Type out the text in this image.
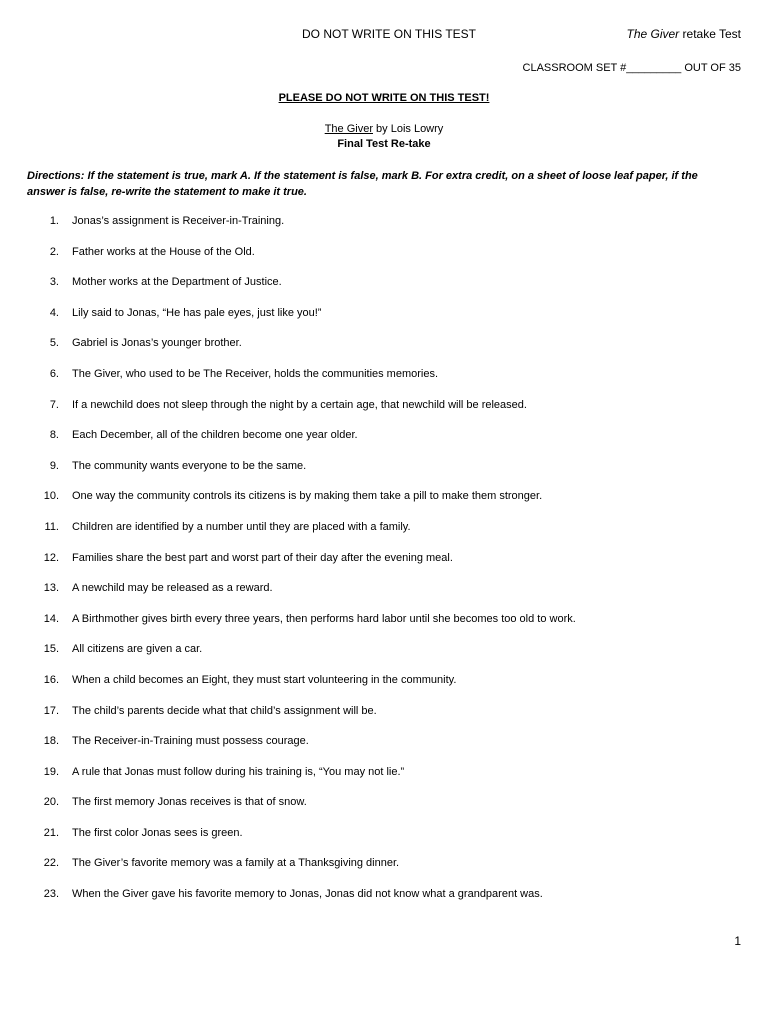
DO NOT WRITE ON THIS TEST	The Giver retake Test
CLASSROOM SET #_________ OUT OF 35
PLEASE DO NOT WRITE ON THIS TEST!
The Giver by Lois Lowry
Final Test Re-take
Directions: If the statement is true, mark A. If the statement is false, mark B. For extra credit, on a sheet of loose leaf paper, if the answer is false, re-write the statement to make it true.
1. Jonas’s assignment is Receiver-in-Training.
2. Father works at the House of the Old.
3. Mother works at the Department of Justice.
4. Lily said to Jonas, “He has pale eyes, just like you!”
5. Gabriel is Jonas’s younger brother.
6. The Giver, who used to be The Receiver, holds the communities memories.
7. If a newchild does not sleep through the night by a certain age, that newchild will be released.
8. Each December, all of the children become one year older.
9. The community wants everyone to be the same.
10. One way the community controls its citizens is by making them take a pill to make them stronger.
11. Children are identified by a number until they are placed with a family.
12. Families share the best part and worst part of their day after the evening meal.
13. A newchild may be released as a reward.
14. A Birthmother gives birth every three years, then performs hard labor until she becomes too old to work.
15. All citizens are given a car.
16. When a child becomes an Eight, they must start volunteering in the community.
17. The child’s parents decide what that child’s assignment will be.
18. The Receiver-in-Training must possess courage.
19. A rule that Jonas must follow during his training is, “You may not lie.”
20. The first memory Jonas receives is that of snow.
21. The first color Jonas sees is green.
22. The Giver’s favorite memory was a family at a Thanksgiving dinner.
23. When the Giver gave his favorite memory to Jonas, Jonas did not know what a grandparent was.
1
